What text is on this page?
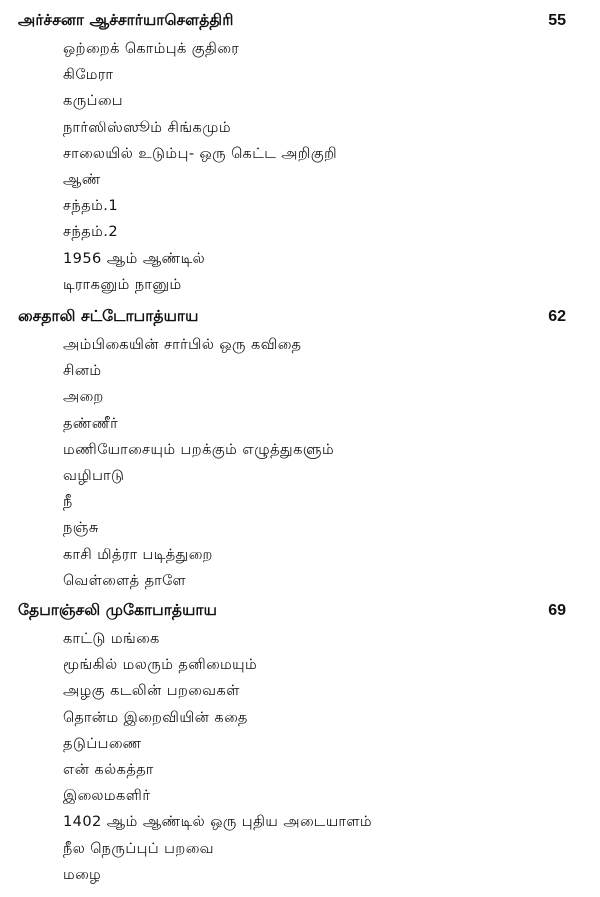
அர்ச்சனா ஆச்சார்யாசௌத்திரி	55
ஒற்றைக் கொம்புக் குதிரை
கிமேரா
கருப்பை
நார்ஸிஸ்ஸூம் சிங்கமும்
சாலையில் உடும்பு- ஒரு கெட்ட அறிகுறி
ஆண்
சந்தம்.1
சந்தம்.2
1956 ஆம் ஆண்டில்
டிராகனும் நானும்
சைதாலி சட்டோபாத்யாய	62
அம்பிகையின் சார்பில் ஒரு கவிதை
சினம்
அறை
தண்ணீர்
மணியோசையும் பறக்கும் எழுத்துகளும்
வழிபாடு
நீ
நஞ்சு
காசி மித்ரா படித்துறை
வெள்ளைத் தாளே
தேபாஞ்சலி முகோபாத்யாய	69
காட்டு மங்கை
மூங்கில் மலரும் தனிமையும்
அழகு கடலின் பறவைகள்
தொன்ம இறைவியின் கதை
தடுப்பணை
என் கல்கத்தா
இலைமகளிர்
1402 ஆம் ஆண்டில் ஒரு புதிய அடையாளம்
நீல நெருப்புப் பறவை
மழை
